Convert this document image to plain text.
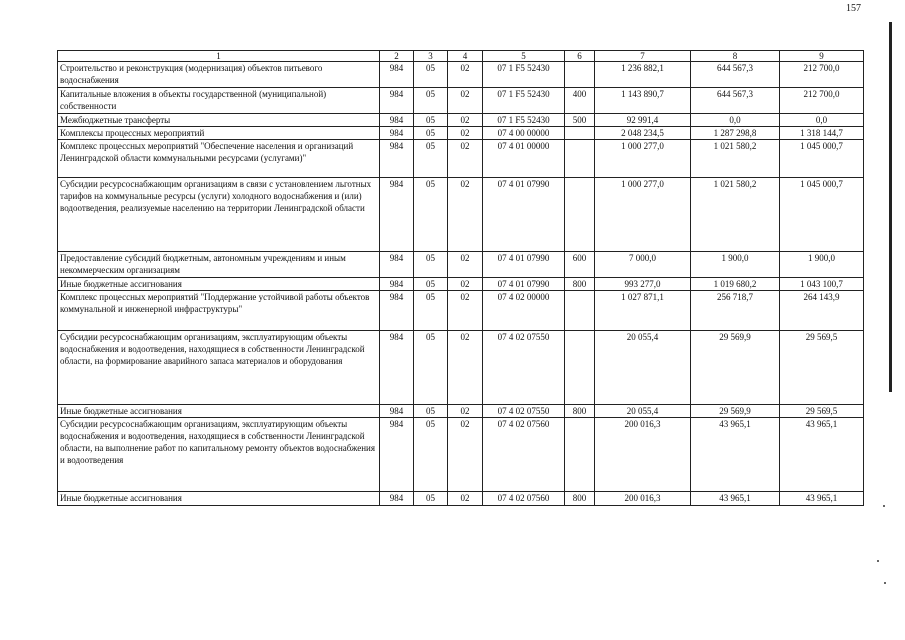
157
1	2	3	4	5	6	7	8	9
Строительство и реконструкция (модернизация) объектов питьевого водоснабжения	984	05	02	07 1 F5 52430		1 236 882,1	644 567,3	212 700,0
Капитальные вложения в объекты государственной (муниципальной) собственности	984	05	02	07 1 F5 52430	400	1 143 890,7	644 567,3	212 700,0
Межбюджетные трансферты	984	05	02	07 1 F5 52430	500	92 991,4	0,0	0,0
Комплексы процессных мероприятий	984	05	02	07 4 00 00000		2 048 234,5	1 287 298,8	1 318 144,7
Комплекс процессных мероприятий "Обеспечение населения и организаций Ленинградской области коммунальными ресурсами (услугами)"	984	05	02	07 4 01 00000		1 000 277,0	1 021 580,2	1 045 000,7
Субсидии ресурсоснабжающим организациям в связи с установлением льготных тарифов на коммунальные ресурсы (услуги) холодного водоснабжения и (или) водоотведения, реализуемые населению на территории Ленинградской области	984	05	02	07 4 01 07990		1 000 277,0	1 021 580,2	1 045 000,7
Предоставление субсидий бюджетным, автономным учреждениям и иным некоммерческим организациям	984	05	02	07 4 01 07990	600	7 000,0	1 900,0	1 900,0
Иные бюджетные ассигнования	984	05	02	07 4 01 07990	800	993 277,0	1 019 680,2	1 043 100,7
Комплекс процессных мероприятий "Поддержание устойчивой работы объектов коммунальной и инженерной инфраструктуры"	984	05	02	07 4 02 00000		1 027 871,1	256 718,7	264 143,9
Субсидии ресурсоснабжающим организациям, эксплуатирующим объекты водоснабжения и водоотведения, находящиеся в собственности Ленинградской области, на формирование аварийного запаса материалов и оборудования	984	05	02	07 4 02 07550		20 055,4	29 569,9	29 569,5
Иные бюджетные ассигнования	984	05	02	07 4 02 07550	800	20 055,4	29 569,9	29 569,5
Субсидии ресурсоснабжающим организациям, эксплуатирующим объекты водоснабжения и водоотведения, находящиеся в собственности Ленинградской области, на выполнение работ по капитальному ремонту объектов водоснабжения и водоотведения	984	05	02	07 4 02 07560		200 016,3	43 965,1	43 965,1
Иные бюджетные ассигнования	984	05	02	07 4 02 07560	800	200 016,3	43 965,1	43 965,1
